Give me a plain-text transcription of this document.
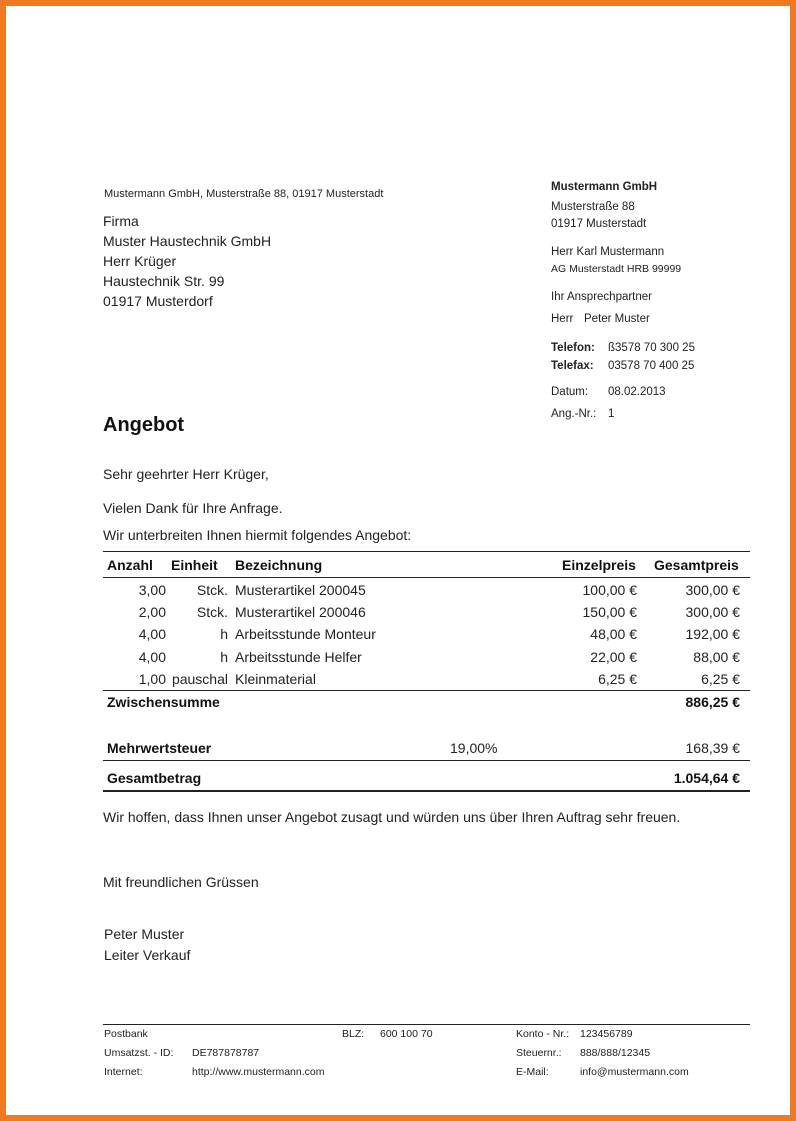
Mustermann GmbH, Musterstraße 88, 01917 Musterstadt
Firma
Muster Haustechnik GmbH
Herr Krüger
Haustechnik Str. 99
01917 Musterdorf
Mustermann GmbH
Musterstraße 88
01917 Musterstadt
Herr Karl Mustermann
AG Musterstadt HRB 99999
Ihr Ansprechpartner
Herr Peter Muster
Telefon: ß3578 70 300 25
Telefax: 03578 70 400 25
Datum: 08.02.2013
Ang.-Nr.: 1
Angebot
Sehr geehrter Herr Krüger,
Vielen Dank für Ihre Anfrage.
Wir unterbreiten Ihnen hiermit folgendes Angebot:
Anzahl Einheit Bezeichnung	Einzelpreis Gesamtpreis
3,00	Stck. Musterartikel 200045	100,00 €	300,00 €
2,00	Stck. Musterartikel 200046	150,00 €	300,00 €
4,00	h Arbeitsstunde Monteur	48,00 €	192,00 €
4,00	h Arbeitsstunde Helfer	22,00 €	88,00 €
1,00 pauschal Kleinmaterial	6,25 €	6,25 €
Zwischensumme	886,25 €
Mehrwertsteuer	19,00%	168,39 €
Gesamtbetrag	1.054,64 €
Wir hoffen, dass Ihnen unser Angebot zusagt und würden uns über Ihren Auftrag sehr freuen.
Mit freundlichen Grüssen
Peter Muster
Leiter Verkauf
Postbank	BLZ: 600 100 70	Konto - Nr.: 123456789
Umsatzst. - ID: DE787878787	Steuernr.: 888/888/12345
Internet:	http://www.mustermann.com	E-Mail:	info@mustermann.com
